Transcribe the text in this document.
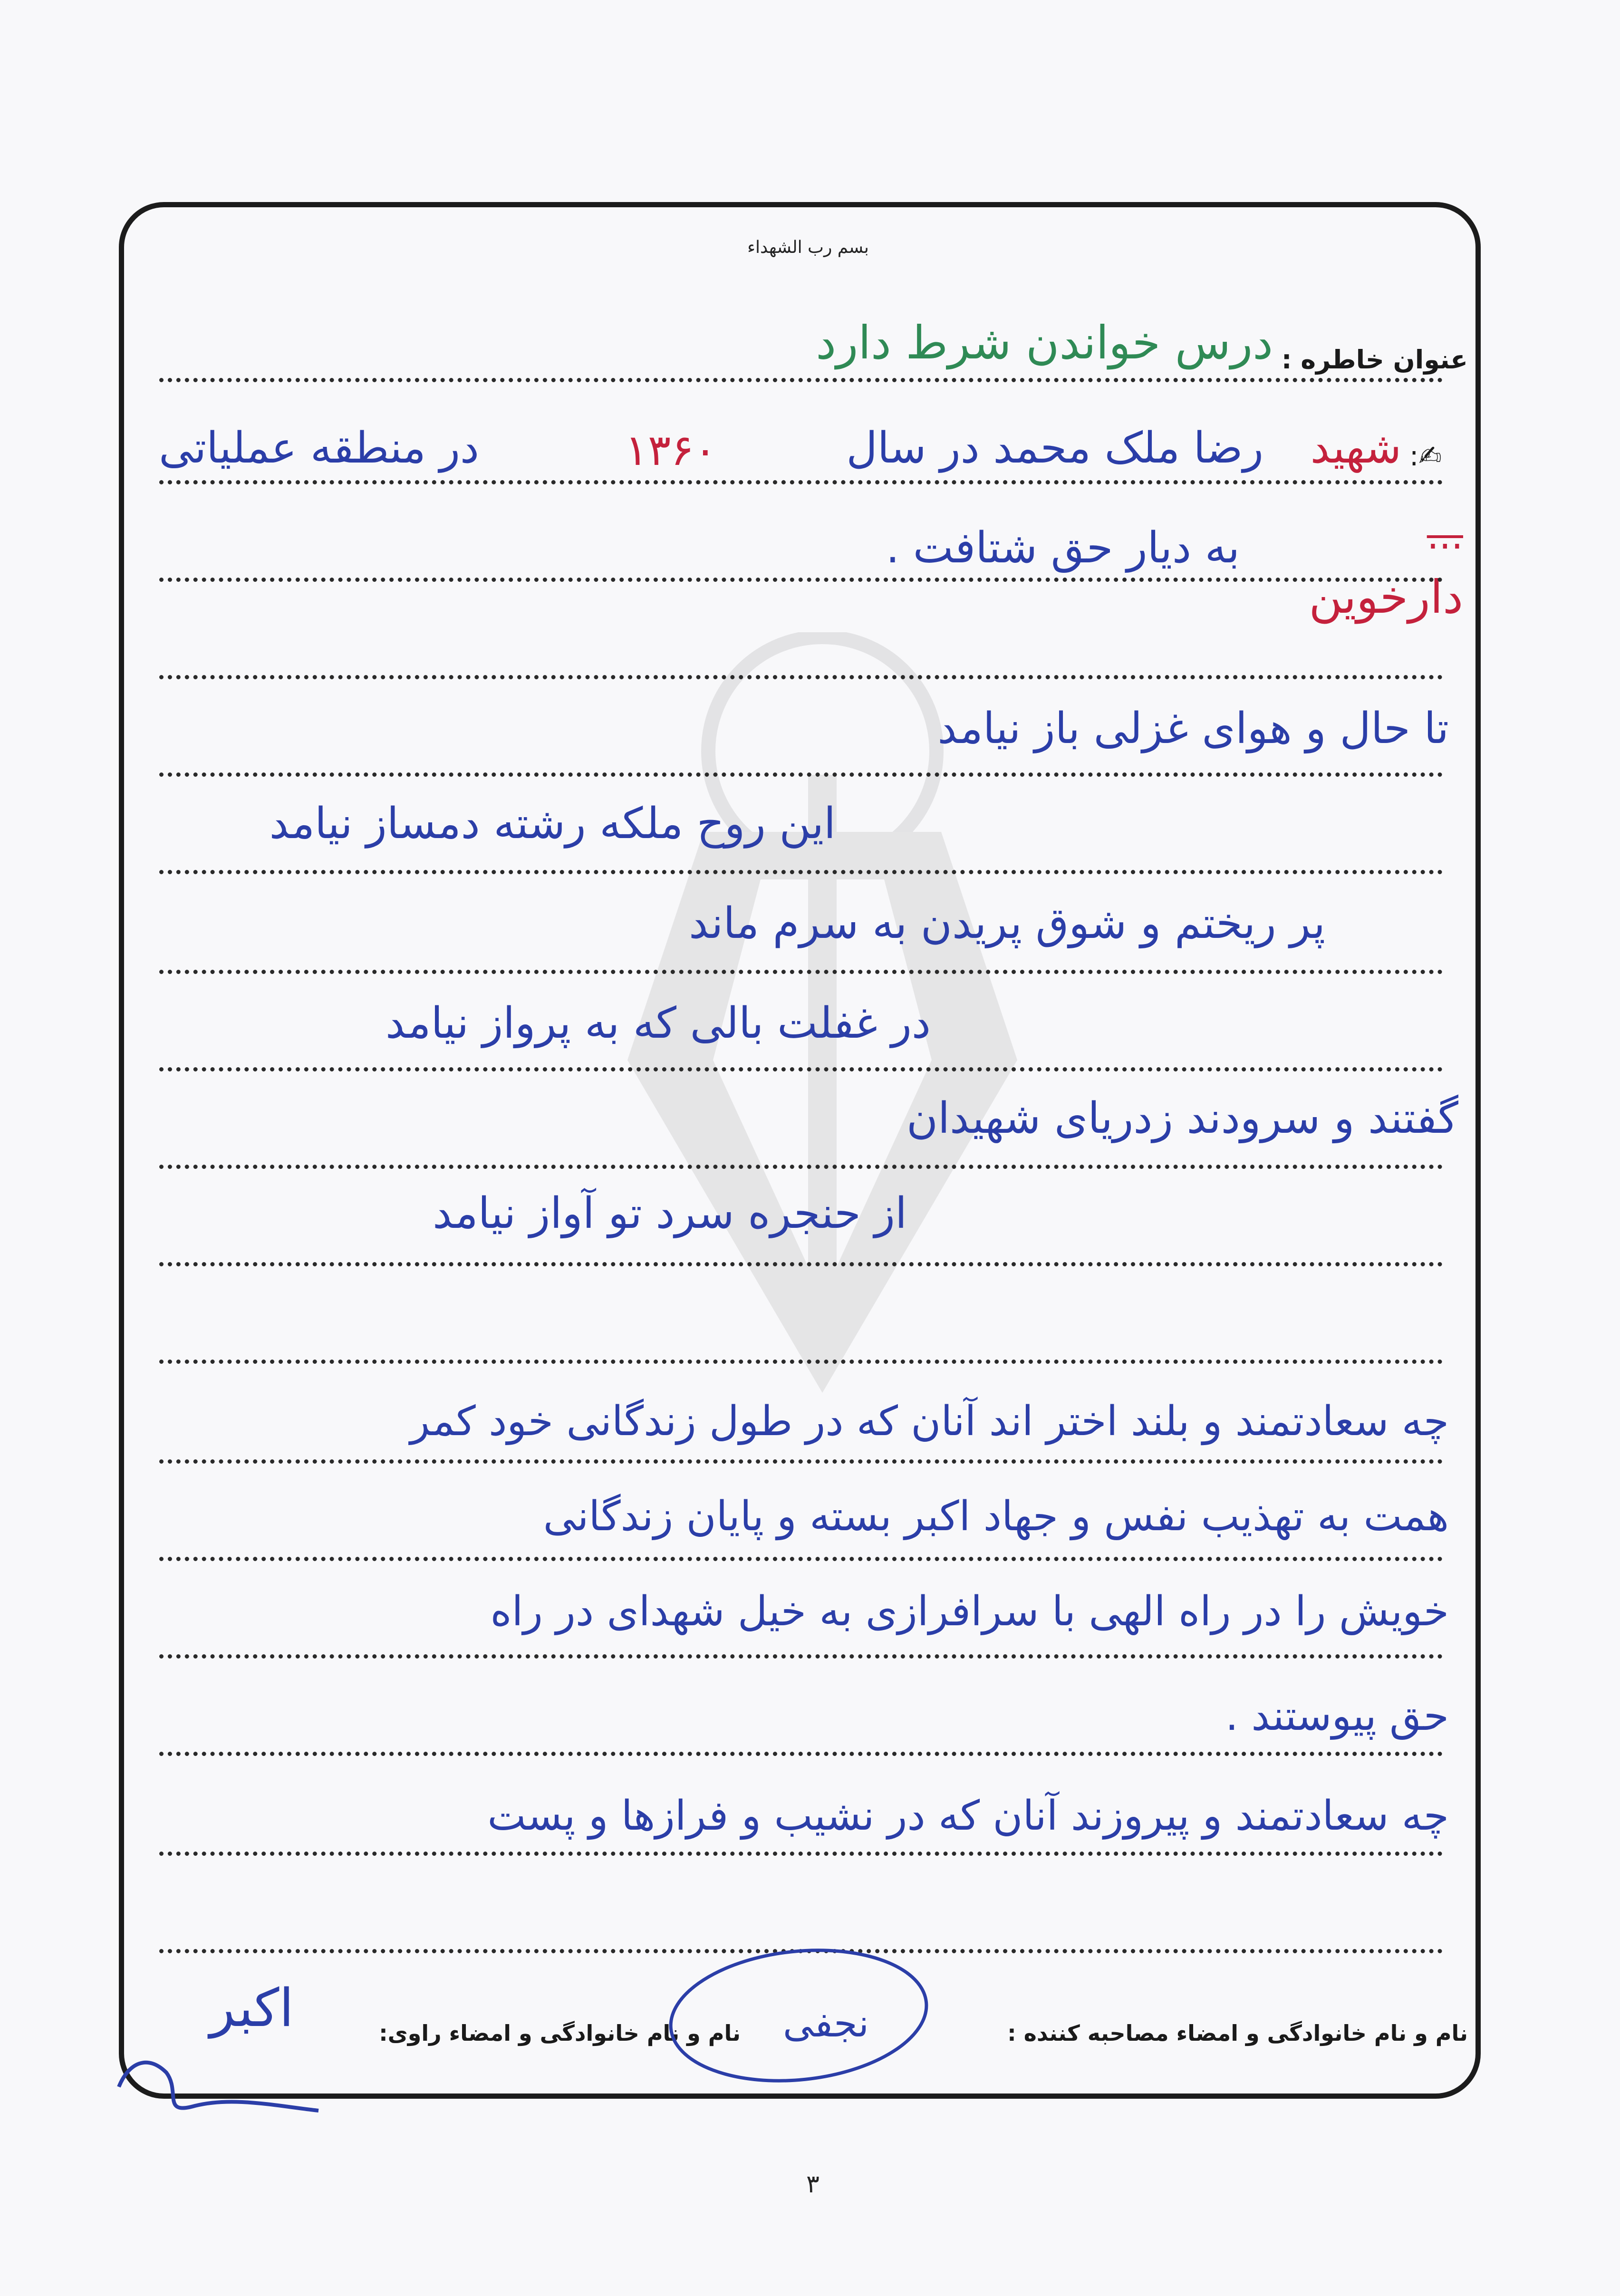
بسم رب الشهداء
عنوان خاطره :
درس خواندن شرط دارد
✍:
شهید
رضا ملک محمد در سال
۱۳۶۰
در منطقه عملیاتی
...
به دیار حق شتافت .
دارخوین
تا حال و هوای غزلی باز نیامد
این روح ملکه رشته دمساز نیامد
پر ریختم و شوق پریدن به سرم ماند
در غفلت بالی که به پرواز نیامد
گفتند و سرودند زدریای شهیدان
از حنجره سرد تو آواز نیامد
چه سعادتمند و بلند اختر اند آنان که در طول زندگانی خود کمر
همت به تهذیب نفس و جهاد اکبر بسته و پایان زندگانی
خویش را در راه الهی با سرافرازی به خیل شهدای در راه
حق پیوستند .
چه سعادتمند و پیروزند آنان که در نشیب و فرازها و پست
نام و نام خانوادگی و امضاء مصاحبه کننده :
نام و نام خانوادگی و امضاء راوی: نجفی
اکبر
۳
